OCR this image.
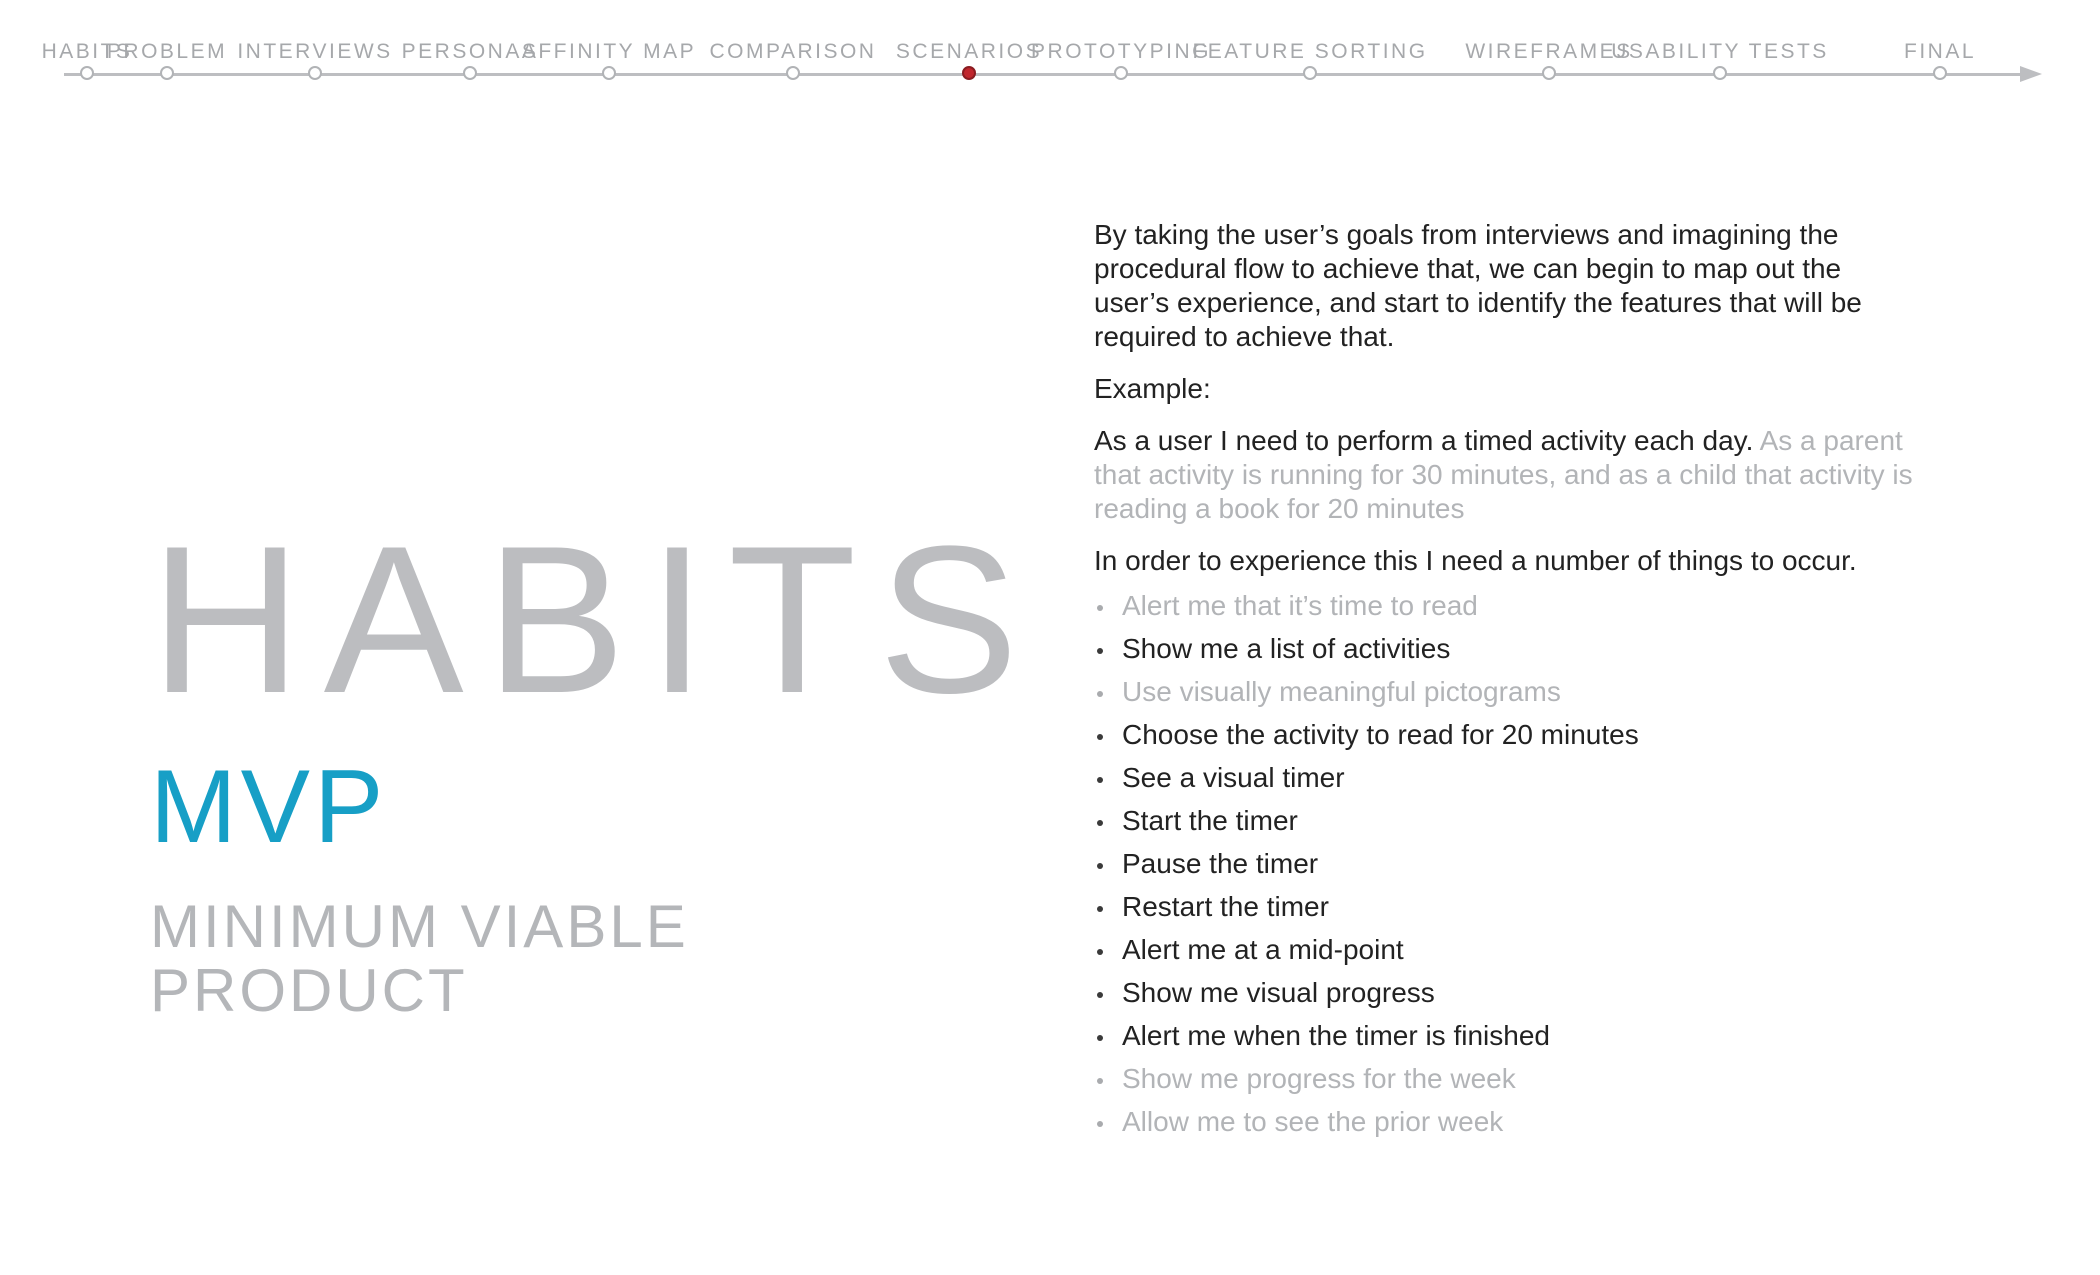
HABITS
PROBLEM INTERVIEWS PERSONAS
AFFINITY MAP COMPARISON SCENARIOS
PROTOTYPING
FEATURE SORTING WIREFRAMES
USABILITY TESTS	FINAL
HABITS
MVP
MINIMUM VIABLE
PRODUCT

By taking the user’s goals from interviews and imagining the procedural flow to achieve that, we can begin to map out the user’s experience, and start to identify the features that will be required to achieve that.

Example:

As a user I need to perform a timed activity each day. As a parent that activity is running for 30 minutes, and as a child that activity is reading a book for 20 minutes

In order to experience this I need a number of things to occur.

Alert me that it’s time to read
Show me a list of activities
Use visually meaningful pictograms
Choose the activity to read for 20 minutes
See a visual timer
Start the timer
Pause the timer
Restart the timer
Alert me at a mid-point
Show me visual progress
Alert me when the timer is finished
Show me progress for the week
Allow me to see the prior week
